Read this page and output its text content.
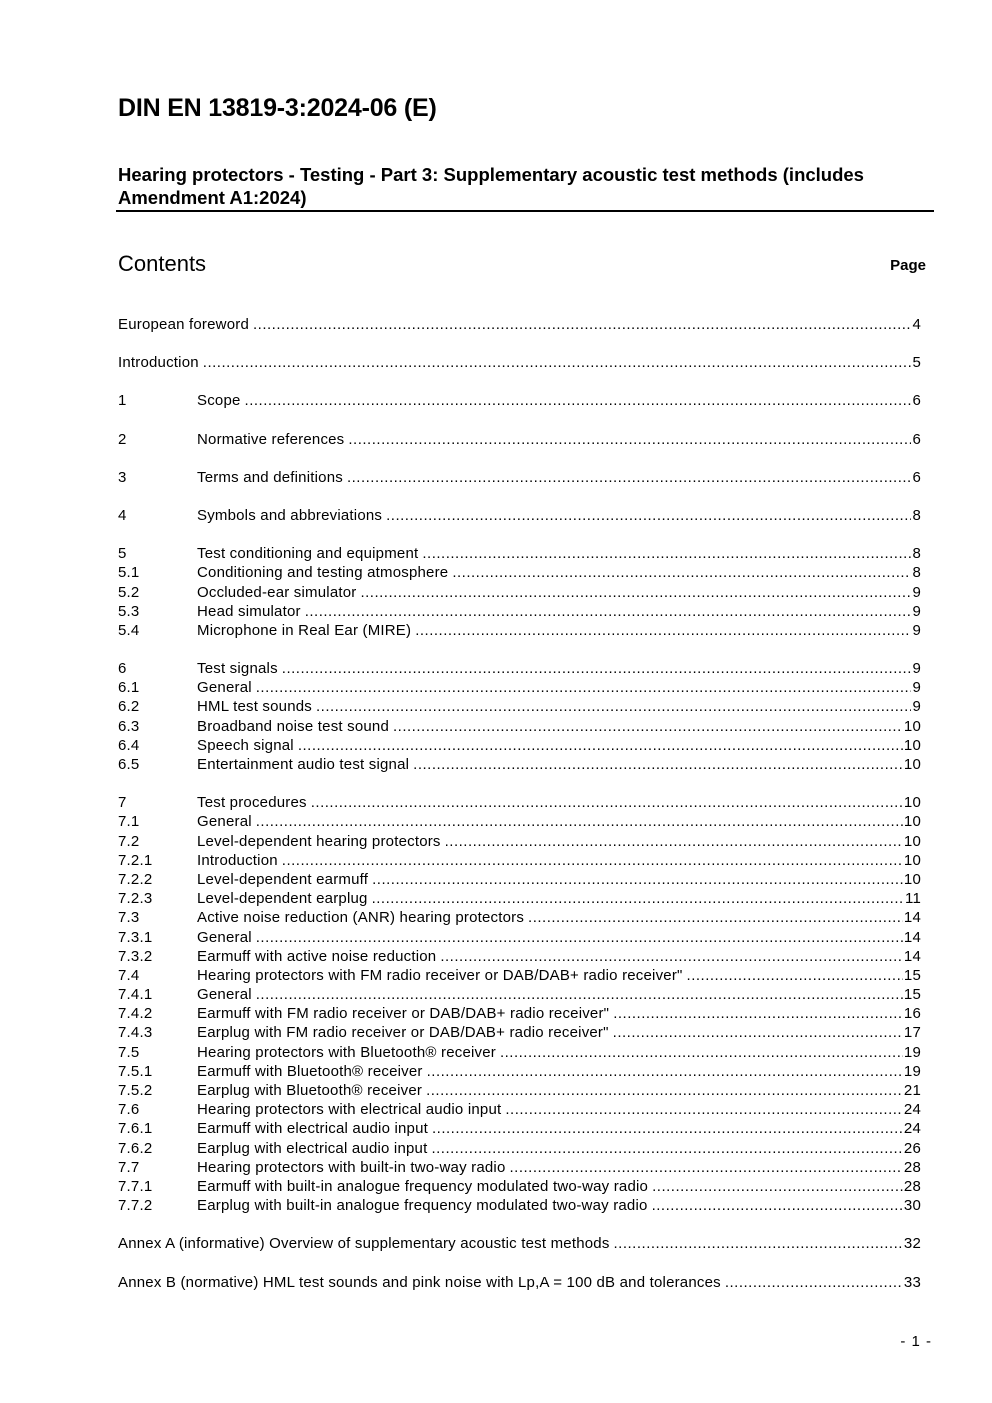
DIN EN 13819-3:2024-06 (E)
Hearing protectors - Testing - Part 3: Supplementary acoustic test methods (includes Amendment A1:2024)
Contents	Page
European foreword .....	4
Introduction .....	5
1	Scope .....	6
2	Normative references .....	6
3	Terms and definitions .....	6
4	Symbols and abbreviations .....	8
5	Test conditioning and equipment .....	8
5.1	Conditioning and testing atmosphere .....	8
5.2	Occluded-ear simulator .....	9
5.3	Head simulator .....	9
5.4	Microphone in Real Ear (MIRE) .....	9
6	Test signals .....	9
6.1	General .....	9
6.2	HML test sounds .....	9
6.3	Broadband noise test sound .....	10
6.4	Speech signal .....	10
6.5	Entertainment audio test signal .....	10
7	Test procedures .....	10
7.1	General .....	10
7.2	Level-dependent hearing protectors .....	10
7.2.1	Introduction .....	10
7.2.2	Level-dependent earmuff .....	10
7.2.3	Level-dependent earplug .....	11
7.3	Active noise reduction (ANR) hearing protectors .....	14
7.3.1	General .....	14
7.3.2	Earmuff with active noise reduction .....	14
7.4	Hearing protectors with FM radio receiver or DAB/DAB+ radio receiver" .....	15
7.4.1	General .....	15
7.4.2	Earmuff with FM radio receiver or DAB/DAB+ radio receiver" .....	16
7.4.3	Earplug with FM radio receiver or DAB/DAB+ radio receiver" .....	17
7.5	Hearing protectors with Bluetooth® receiver .....	19
7.5.1	Earmuff with Bluetooth® receiver .....	19
7.5.2	Earplug with Bluetooth® receiver .....	21
7.6	Hearing protectors with electrical audio input .....	24
7.6.1	Earmuff with electrical audio input .....	24
7.6.2	Earplug with electrical audio input .....	26
7.7	Hearing protectors with built-in two-way radio .....	28
7.7.1	Earmuff with built-in analogue frequency modulated two-way radio .....	28
7.7.2	Earplug with built-in analogue frequency modulated two-way radio .....	30
Annex A (informative) Overview of supplementary acoustic test methods .....	32
Annex B (normative) HML test sounds and pink noise with Lp,A = 100 dB and tolerances .....	33
- 1 -
